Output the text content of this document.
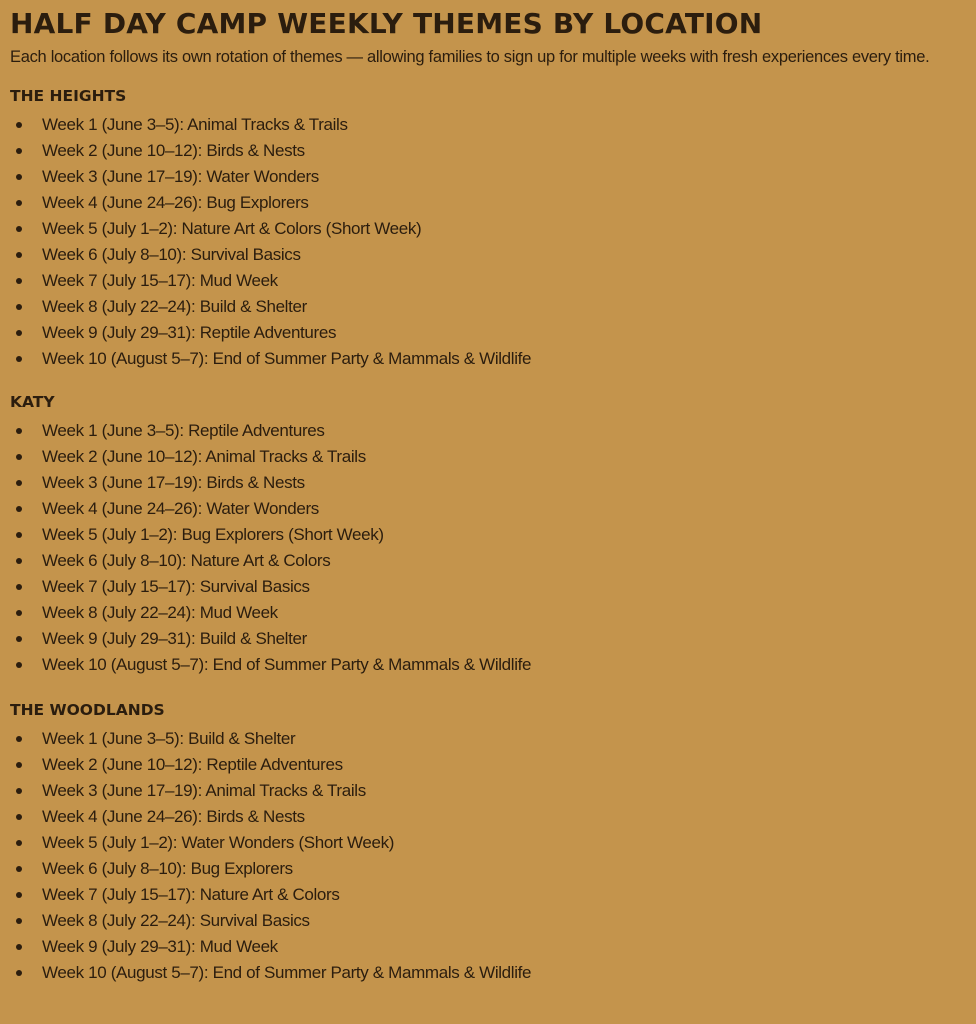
HALF DAY CAMP WEEKLY THEMES BY LOCATION

Each location follows its own rotation of themes — allowing families to sign up for multiple weeks with fresh experiences every time.

THE HEIGHTS
Week 1 (June 3–5): Animal Tracks & Trails
Week 2 (June 10–12): Birds & Nests
Week 3 (June 17–19): Water Wonders
Week 4 (June 24–26): Bug Explorers
Week 5 (July 1–2): Nature Art & Colors (Short Week)
Week 6 (July 8–10): Survival Basics
Week 7 (July 15–17): Mud Week
Week 8 (July 22–24): Build & Shelter
Week 9 (July 29–31): Reptile Adventures
Week 10 (August 5–7): End of Summer Party & Mammals & Wildlife
KATY
Week 1 (June 3–5): Reptile Adventures
Week 2 (June 10–12): Animal Tracks & Trails
Week 3 (June 17–19): Birds & Nests
Week 4 (June 24–26): Water Wonders
Week 5 (July 1–2): Bug Explorers (Short Week)
Week 6 (July 8–10): Nature Art & Colors
Week 7 (July 15–17): Survival Basics
Week 8 (July 22–24): Mud Week
Week 9 (July 29–31): Build & Shelter
Week 10 (August 5–7): End of Summer Party & Mammals & Wildlife
THE WOODLANDS
Week 1 (June 3–5): Build & Shelter
Week 2 (June 10–12): Reptile Adventures
Week 3 (June 17–19): Animal Tracks & Trails
Week 4 (June 24–26): Birds & Nests
Week 5 (July 1–2): Water Wonders (Short Week)
Week 6 (July 8–10): Bug Explorers
Week 7 (July 15–17): Nature Art & Colors
Week 8 (July 22–24): Survival Basics
Week 9 (July 29–31): Mud Week
Week 10 (August 5–7): End of Summer Party & Mammals & Wildlife
